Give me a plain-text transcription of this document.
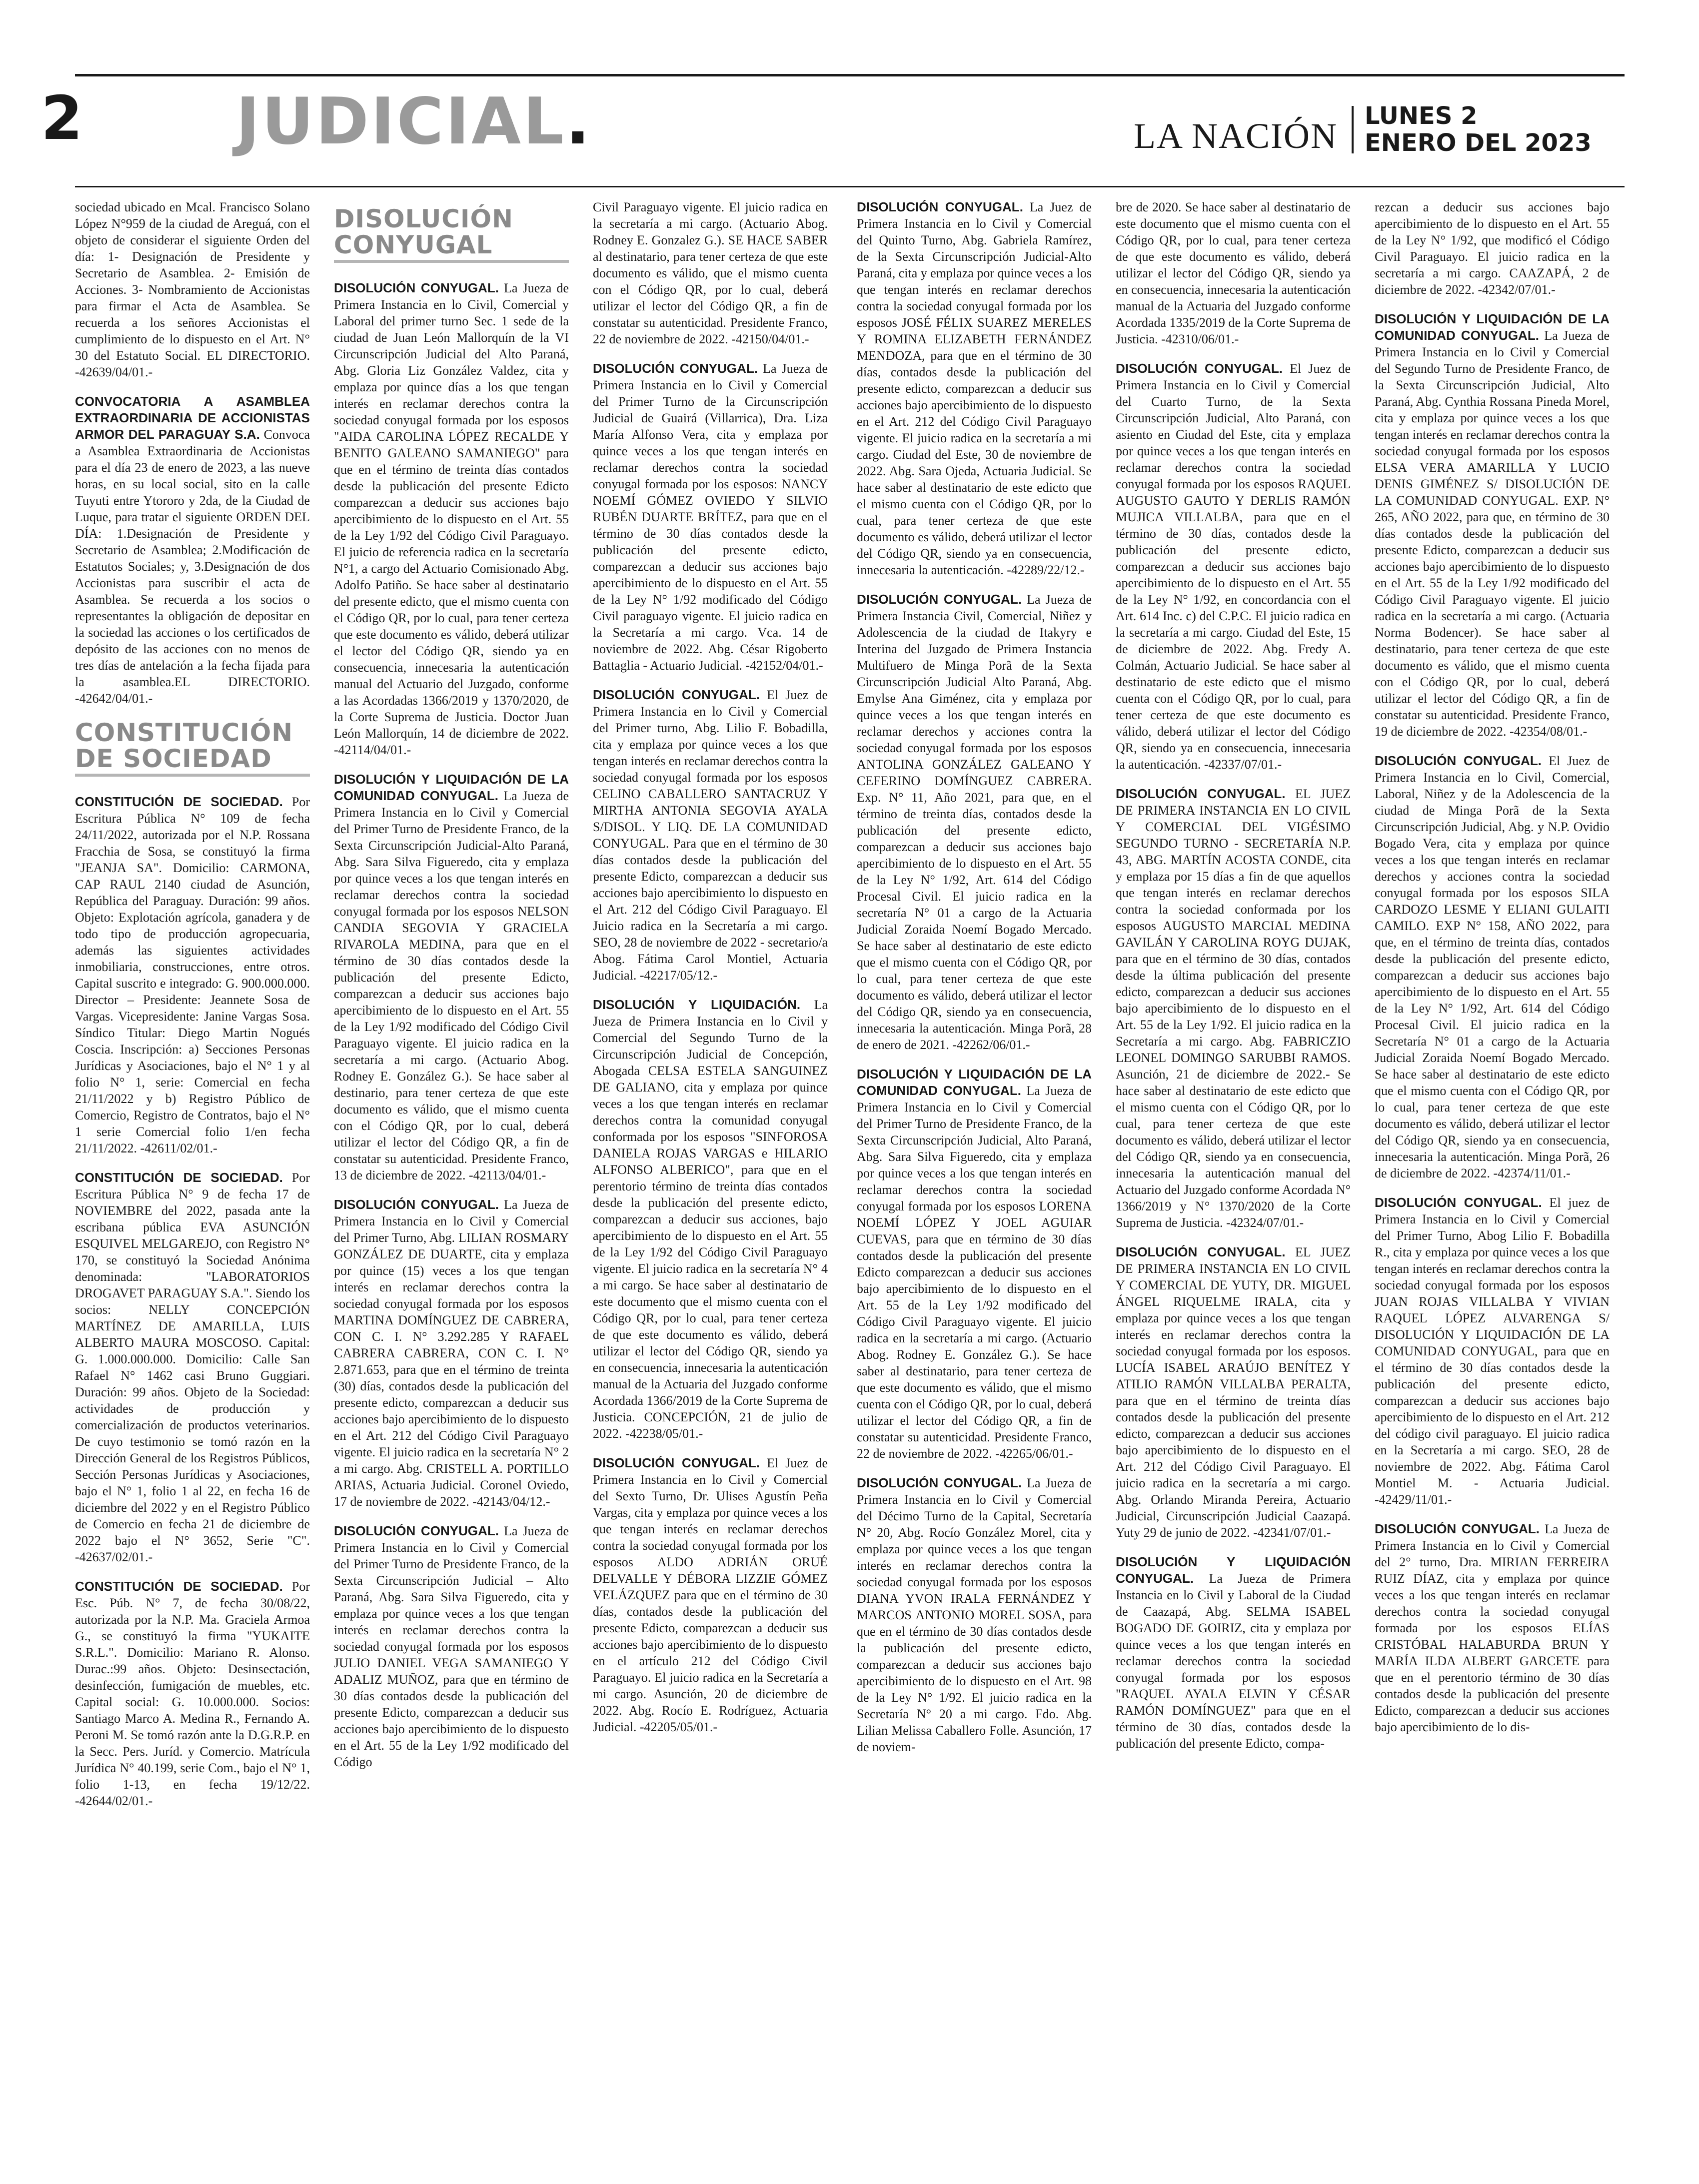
2 JUDICIAL.	LA NACIÓN LUNES 2
ENERO DEL 2023
sociedad ubicado en Mcal. Francisco Solano López N°959 de la ciudad de Areguá, con el objeto de considerar el siguiente Orden del día: 1- Designación de Presidente y Secretario de Asamblea. 2- Emisión de Acciones. 3- Nombramiento de Accionistas para firmar el Acta de Asamblea. Se recuerda a los señores Accionistas el cumplimiento de lo dispuesto en el Art. N° 30 del Estatuto Social. EL DIRECTORIO. -42639/04/01.-
CONVOCATORIA A ASAMBLEA EXTRAORDINARIA DE ACCIONISTAS ARMOR DEL PARAGUAY S.A. Convoca a Asamblea Extraordinaria de Accionistas para el día 23 de enero de 2023, a las nueve horas, en su local social, sito en la calle Tuyuti entre Ytororo y 2da, de la Ciudad de Luque, para tratar el siguiente ORDEN DEL DÍA: 1.Designación de Presidente y Secretario de Asamblea; 2.Modificación de Estatutos Sociales; y, 3.Designación de dos Accionistas para suscribir el acta de Asamblea. Se recuerda a los socios o representantes la obligación de depositar en la sociedad las acciones o los certificados de depósito de las acciones con no menos de tres días de antelación a la fecha fijada para la asamblea.EL DIRECTORIO. -42642/04/01.-
CONSTITUCIÓN DE SOCIEDAD
CONSTITUCIÓN DE SOCIEDAD. Por Escritura Pública N° 109 de fecha 24/11/2022, autorizada por el N.P. Rossana Fracchia de Sosa, se constituyó la firma "JEANJA SA". Domicilio: CARMONA, CAP RAUL 2140 ciudad de Asunción, República del Paraguay. Duración: 99 años. Objeto: Explotación agrícola, ganadera y de todo tipo de producción agropecuaria, además las siguientes actividades inmobiliaria, construcciones, entre otros. Capital suscrito e integrado: G. 900.000.000. Director – Presidente: Jeannete Sosa de Vargas. Vicepresidente: Janine Vargas Sosa. Síndico Titular: Diego Martin Nogués Coscia. Inscripción: a) Secciones Personas Jurídicas y Asociaciones, bajo el N° 1 y al folio N° 1, serie: Comercial en fecha 21/11/2022 y b) Registro Público de Comercio, Registro de Contratos, bajo el N° 1 serie Comercial folio 1/en fecha 21/11/2022. -42611/02/01.-
CONSTITUCIÓN DE SOCIEDAD. Por Escritura Pública N° 9 de fecha 17 de NOVIEMBRE del 2022, pasada ante la escribana pública EVA ASUNCIÓN ESQUIVEL MELGAREJO, con Registro N° 170, se constituyó la Sociedad Anónima denominada: "LABORATORIOS DROGAVET PARAGUAY S.A.". Siendo los socios: NELLY CONCEPCIÓN MARTÍNEZ DE AMARILLA, LUIS ALBERTO MAURA MOSCOSO. Capital: G. 1.000.000.000. Domicilio: Calle San Rafael N° 1462 casi Bruno Guggiari. Duración: 99 años. Objeto de la Sociedad: actividades de producción y comercialización de productos veterinarios. De cuyo testimonio se tomó razón en la Dirección General de los Registros Públicos, Sección Personas Jurídicas y Asociaciones, bajo el N° 1, folio 1 al 22, en fecha 16 de diciembre del 2022 y en el Registro Público de Comercio en fecha 21 de diciembre de 2022 bajo el N° 3652, Serie "C". -42637/02/01.-
CONSTITUCIÓN DE SOCIEDAD. Por Esc. Púb. N° 7, de fecha 30/08/22, autorizada por la N.P. Ma. Graciela Armoa G., se constituyó la firma "YUKAITE S.R.L.". Domicilio: Mariano R. Alonso. Durac.:99 años. Objeto: Desinsectación, desinfección, fumigación de muebles, etc. Capital social: G. 10.000.000. Socios: Santiago Marco A. Medina R., Fernando A. Peroni M. Se tomó razón ante la D.G.R.P. en la Secc. Pers. Juríd. y Comercio. Matrícula Jurídica N° 40.199, serie Com., bajo el N° 1, folio 1-13, en fecha 19/12/22. -42644/02/01.-
DISOLUCIÓN CONYUGAL
DISOLUCIÓN CONYUGAL. La Jueza de Primera Instancia en lo Civil, Comercial y Laboral del primer turno Sec. 1 sede de la ciudad de Juan León Mallorquín de la VI Circunscripción Judicial del Alto Paraná, Abg. Gloria Liz González Valdez, cita y emplaza por quince días a los que tengan interés en reclamar derechos contra la sociedad conyugal formada por los esposos "AIDA CAROLINA LÓPEZ RECALDE Y BENITO GALEANO SAMANIEGO" para que en el término de treinta días contados desde la publicación del presente Edicto comparezcan a deducir sus acciones bajo apercibimiento de lo dispuesto en el Art. 55 de la Ley 1/92 del Código Civil Paraguayo. El juicio de referencia radica en la secretaría N°1, a cargo del Actuario Comisionado Abg. Adolfo Patiño. Se hace saber al destinatario del presente edicto, que el mismo cuenta con el Código QR, por lo cual, para tener certeza que este documento es válido, deberá utilizar el lector del Código QR, siendo ya en consecuencia, innecesaria la autenticación manual del Actuario del Juzgado, conforme a las Acordadas 1366/2019 y 1370/2020, de la Corte Suprema de Justicia. Doctor Juan León Mallorquín, 14 de diciembre de 2022. -42114/04/01.-
DISOLUCIÓN Y LIQUIDACIÓN DE LA COMUNIDAD CONYUGAL. La Jueza de Primera Instancia en lo Civil y Comercial del Primer Turno de Presidente Franco, de la Sexta Circunscripción Judicial-Alto Paraná, Abg. Sara Silva Figueredo, cita y emplaza por quince veces a los que tengan interés en reclamar derechos contra la sociedad conyugal formada por los esposos NELSON CANDIA SEGOVIA Y GRACIELA RIVAROLA MEDINA, para que en el término de 30 días contados desde la publicación del presente Edicto, comparezcan a deducir sus acciones bajo apercibimiento de lo dispuesto en el Art. 55 de la Ley 1/92 modificado del Código Civil Paraguayo vigente. El juicio radica en la secretaría a mi cargo. (Actuario Abog. Rodney E. González G.). Se hace saber al destinario, para tener certeza de que este documento es válido, que el mismo cuenta con el Código QR, por lo cual, deberá utilizar el lector del Código QR, a fin de constatar su autenticidad. Presidente Franco, 13 de diciembre de 2022. -42113/04/01.-
DISOLUCIÓN CONYUGAL. La Jueza de Primera Instancia en lo Civil y Comercial del Primer Turno, Abg. LILIAN ROSMARY GONZÁLEZ DE DUARTE, cita y emplaza por quince (15) veces a los que tengan interés en reclamar derechos contra la sociedad conyugal formada por los esposos MARTINA DOMÍNGUEZ DE CABRERA, CON C. I. N° 3.292.285 Y RAFAEL CABRERA CABRERA, CON C. I. N° 2.871.653, para que en el término de treinta (30) días, contados desde la publicación del presente edicto, comparezcan a deducir sus acciones bajo apercibimiento de lo dispuesto en el Art. 212 del Código Civil Paraguayo vigente. El juicio radica en la secretaría N° 2 a mi cargo. Abg. CRISTELL A. PORTILLO ARIAS, Actuaria Judicial. Coronel Oviedo, 17 de noviembre de 2022. -42143/04/12.-
DISOLUCIÓN CONYUGAL. La Jueza de Primera Instancia en lo Civil y Comercial del Primer Turno de Presidente Franco, de la Sexta Circunscripción Judicial – Alto Paraná, Abg. Sara Silva Figueredo, cita y emplaza por quince veces a los que tengan interés en reclamar derechos contra la sociedad conyugal formada por los esposos JULIO DANIEL VEGA SAMANIEGO Y ADALIZ MUÑOZ, para que en término de 30 días contados desde la publicación del presente Edicto, comparezcan a deducir sus acciones bajo apercibimiento de lo dispuesto en el Art. 55 de la Ley 1/92 modificado del Código
Civil Paraguayo vigente. El juicio radica en la secretaría a mi cargo. (Actuario Abog. Rodney E. Gonzalez G.). SE HACE SABER al destinatario, para tener certeza de que este documento es válido, que el mismo cuenta con el Código QR, por lo cual, deberá utilizar el lector del Código QR, a fin de constatar su autenticidad. Presidente Franco, 22 de noviembre de 2022. -42150/04/01.-
DISOLUCIÓN CONYUGAL. La Jueza de Primera Instancia en lo Civil y Comercial del Primer Turno de la Circunscripción Judicial de Guairá (Villarrica), Dra. Liza María Alfonso Vera, cita y emplaza por quince veces a los que tengan interés en reclamar derechos contra la sociedad conyugal formada por los esposos: NANCY NOEMÍ GÓMEZ OVIEDO Y SILVIO RUBÉN DUARTE BRÍTEZ, para que en el término de 30 días contados desde la publicación del presente edicto, comparezcan a deducir sus acciones bajo apercibimiento de lo dispuesto en el Art. 55 de la Ley N° 1/92 modificado del Código Civil paraguayo vigente. El juicio radica en la Secretaría a mi cargo. Vca. 14 de noviembre de 2022. Abg. César Rigoberto Battaglia - Actuario Judicial. -42152/04/01.-
DISOLUCIÓN CONYUGAL. El Juez de Primera Instancia en lo Civil y Comercial del Primer turno, Abg. Lilio F. Bobadilla, cita y emplaza por quince veces a los que tengan interés en reclamar derechos contra la sociedad conyugal formada por los esposos CELINO CABALLERO SANTACRUZ Y MIRTHA ANTONIA SEGOVIA AYALA S/DISOL. Y LIQ. DE LA COMUNIDAD CONYUGAL. Para que en el término de 30 días contados desde la publicación del presente Edicto, comparezcan a deducir sus acciones bajo apercibimiento lo dispuesto en el Art. 212 del Código Civil Paraguayo. El Juicio radica en la Secretaría a mi cargo. SEO, 28 de noviembre de 2022 - secretario/a Abog. Fátima Carol Montiel, Actuaria Judicial. -42217/05/12.-
DISOLUCIÓN Y LIQUIDACIÓN. La Jueza de Primera Instancia en lo Civil y Comercial del Segundo Turno de la Circunscripción Judicial de Concepción, Abogada CELSA ESTELA SANGUINEZ DE GALIANO, cita y emplaza por quince veces a los que tengan interés en reclamar derechos contra la comunidad conyugal conformada por los esposos "SINFOROSA DANIELA ROJAS VARGAS e HILARIO ALFONSO ALBERICO", para que en el perentorio término de treinta días contados desde la publicación del presente edicto, comparezcan a deducir sus acciones, bajo apercibimiento de lo dispuesto en el Art. 55 de la Ley 1/92 del Código Civil Paraguayo vigente. El juicio radica en la secretaría N° 4 a mi cargo. Se hace saber al destinatario de este documento que el mismo cuenta con el Código QR, por lo cual, para tener certeza de que este documento es válido, deberá utilizar el lector del Código QR, siendo ya en consecuencia, innecesaria la autenticación manual de la Actuaria del Juzgado conforme Acordada 1366/2019 de la Corte Suprema de Justicia. CONCEPCIÓN, 21 de julio de 2022. -42238/05/01.-
DISOLUCIÓN CONYUGAL. El Juez de Primera Instancia en lo Civil y Comercial del Sexto Turno, Dr. Ulises Agustín Peña Vargas, cita y emplaza por quince veces a los que tengan interés en reclamar derechos contra la sociedad conyugal formada por los esposos ALDO ADRIÁN ORUÉ DELVALLE Y DÉBORA LIZZIE GÓMEZ VELÁZQUEZ para que en el término de 30 días, contados desde la publicación del presente Edicto, comparezcan a deducir sus acciones bajo apercibimiento de lo dispuesto en el artículo 212 del Código Civil Paraguayo. El juicio radica en la Secretaría a mi cargo. Asunción, 20 de diciembre de 2022. Abg. Rocío E. Rodríguez, Actuaria Judicial. -42205/05/01.-
DISOLUCIÓN CONYUGAL. La Juez de Primera Instancia en lo Civil y Comercial del Quinto Turno, Abg. Gabriela Ramírez, de la Sexta Circunscripción Judicial-Alto Paraná, cita y emplaza por quince veces a los que tengan interés en reclamar derechos contra la sociedad conyugal formada por los esposos JOSÉ FÉLIX SUAREZ MERELES Y ROMINA ELIZABETH FERNÁNDEZ MENDOZA, para que en el término de 30 días, contados desde la publicación del presente edicto, comparezcan a deducir sus acciones bajo apercibimiento de lo dispuesto en el Art. 212 del Código Civil Paraguayo vigente. El juicio radica en la secretaría a mi cargo. Ciudad del Este, 30 de noviembre de 2022. Abg. Sara Ojeda, Actuaria Judicial. Se hace saber al destinatario de este edicto que el mismo cuenta con el Código QR, por lo cual, para tener certeza de que este documento es válido, deberá utilizar el lector del Código QR, siendo ya en consecuencia, innecesaria la autenticación. -42289/22/12.-
DISOLUCIÓN CONYUGAL. La Jueza de Primera Instancia Civil, Comercial, Niñez y Adolescencia de la ciudad de Itakyry e Interina del Juzgado de Primera Instancia Multifuero de Minga Porã de la Sexta Circunscripción Judicial Alto Paraná, Abg. Emylse Ana Giménez, cita y emplaza por quince veces a los que tengan interés en reclamar derechos y acciones contra la sociedad conyugal formada por los esposos ANTOLINA GONZÁLEZ GALEANO Y CEFERINO DOMÍNGUEZ CABRERA. Exp. N° 11, Año 2021, para que, en el término de treinta días, contados desde la publicación del presente edicto, comparezcan a deducir sus acciones bajo apercibimiento de lo dispuesto en el Art. 55 de la Ley N° 1/92, Art. 614 del Código Procesal Civil. El juicio radica en la secretaría N° 01 a cargo de la Actuaria Judicial Zoraida Noemí Bogado Mercado. Se hace saber al destinatario de este edicto que el mismo cuenta con el Código QR, por lo cual, para tener certeza de que este documento es válido, deberá utilizar el lector del Código QR, siendo ya en consecuencia, innecesaria la autenticación. Minga Porã, 28 de enero de 2021. -42262/06/01.-
DISOLUCIÓN Y LIQUIDACIÓN DE LA COMUNIDAD CONYUGAL. La Jueza de Primera Instancia en lo Civil y Comercial del Primer Turno de Presidente Franco, de la Sexta Circunscripción Judicial, Alto Paraná, Abg. Sara Silva Figueredo, cita y emplaza por quince veces a los que tengan interés en reclamar derechos contra la sociedad conyugal formada por los esposos LORENA NOEMÍ LÓPEZ Y JOEL AGUIAR CUEVAS, para que en término de 30 días contados desde la publicación del presente Edicto comparezcan a deducir sus acciones bajo apercibimiento de lo dispuesto en el Art. 55 de la Ley 1/92 modificado del Código Civil Paraguayo vigente. El juicio radica en la secretaría a mi cargo. (Actuario Abog. Rodney E. González G.). Se hace saber al destinatario, para tener certeza de que este documento es válido, que el mismo cuenta con el Código QR, por lo cual, deberá utilizar el lector del Código QR, a fin de constatar su autenticidad. Presidente Franco, 22 de noviembre de 2022. -42265/06/01.-
DISOLUCIÓN CONYUGAL. La Jueza de Primera Instancia en lo Civil y Comercial del Décimo Turno de la Capital, Secretaría N° 20, Abg. Rocío González Morel, cita y emplaza por quince veces a los que tengan interés en reclamar derechos contra la sociedad conyugal formada por los esposos DIANA YVON IRALA FERNÁNDEZ Y MARCOS ANTONIO MOREL SOSA, para que en el término de 30 días contados desde la publicación del presente edicto, comparezcan a deducir sus acciones bajo apercibimiento de lo dispuesto en el Art. 98 de la Ley N° 1/92. El juicio radica en la Secretaría N° 20 a mi cargo. Fdo. Abg. Lilian Melissa Caballero Folle. Asunción, 17 de noviem-
bre de 2020. Se hace saber al destinatario de este documento que el mismo cuenta con el Código QR, por lo cual, para tener certeza de que este documento es válido, deberá utilizar el lector del Código QR, siendo ya en consecuencia, innecesaria la autenticación manual de la Actuaria del Juzgado conforme Acordada 1335/2019 de la Corte Suprema de Justicia. -42310/06/01.-
DISOLUCIÓN CONYUGAL. El Juez de Primera Instancia en lo Civil y Comercial del Cuarto Turno, de la Sexta Circunscripción Judicial, Alto Paraná, con asiento en Ciudad del Este, cita y emplaza por quince veces a los que tengan interés en reclamar derechos contra la sociedad conyugal formada por los esposos RAQUEL AUGUSTO GAUTO Y DERLIS RAMÓN MUJICA VILLALBA, para que en el término de 30 días, contados desde la publicación del presente edicto, comparezcan a deducir sus acciones bajo apercibimiento de lo dispuesto en el Art. 55 de la Ley N° 1/92, en concordancia con el Art. 614 Inc. c) del C.P.C. El juicio radica en la secretaría a mi cargo. Ciudad del Este, 15 de diciembre de 2022. Abg. Fredy A. Colmán, Actuario Judicial. Se hace saber al destinatario de este edicto que el mismo cuenta con el Código QR, por lo cual, para tener certeza de que este documento es válido, deberá utilizar el lector del Código QR, siendo ya en consecuencia, innecesaria la autenticación. -42337/07/01.-
DISOLUCIÓN CONYUGAL. EL JUEZ DE PRIMERA INSTANCIA EN LO CIVIL Y COMERCIAL DEL VIGÉSIMO SEGUNDO TURNO - SECRETARÍA N.P. 43, ABG. MARTÍN ACOSTA CONDE, cita y emplaza por 15 días a fin de que aquellos que tengan interés en reclamar derechos contra la sociedad conformada por los esposos AUGUSTO MARCIAL MEDINA GAVILÁN Y CAROLINA ROYG DUJAK, para que en el término de 30 días, contados desde la última publicación del presente edicto, comparezcan a deducir sus acciones bajo apercibimiento de lo dispuesto en el Art. 55 de la Ley 1/92. El juicio radica en la Secretaría a mi cargo. Abg. FABRICZIO LEONEL DOMINGO SARUBBI RAMOS. Asunción, 21 de diciembre de 2022.- Se hace saber al destinatario de este edicto que el mismo cuenta con el Código QR, por lo cual, para tener certeza de que este documento es válido, deberá utilizar el lector del Código QR, siendo ya en consecuencia, innecesaria la autenticación manual del Actuario del Juzgado conforme Acordada N° 1366/2019 y N° 1370/2020 de la Corte Suprema de Justicia. -42324/07/01.-
DISOLUCIÓN CONYUGAL. EL JUEZ DE PRIMERA INSTANCIA EN LO CIVIL Y COMERCIAL DE YUTY, DR. MIGUEL ÁNGEL RIQUELME IRALA, cita y emplaza por quince veces a los que tengan interés en reclamar derechos contra la sociedad conyugal formada por los esposos. LUCÍA ISABEL ARAÚJO BENÍTEZ Y ATILIO RAMÓN VILLALBA PERALTA, para que en el término de treinta días contados desde la publicación del presente edicto, comparezcan a deducir sus acciones bajo apercibimiento de lo dispuesto en el Art. 212 del Código Civil Paraguayo. El juicio radica en la secretaría a mi cargo. Abg. Orlando Miranda Pereira, Actuario Judicial, Circunscripción Judicial Caazapá. Yuty 29 de junio de 2022. -42341/07/01.-
DISOLUCIÓN Y LIQUIDACIÓN CONYUGAL. La Jueza de Primera Instancia en lo Civil y Laboral de la Ciudad de Caazapá, Abg. SELMA ISABEL BOGADO DE GOIRIZ, cita y emplaza por quince veces a los que tengan interés en reclamar derechos contra la sociedad conyugal formada por los esposos "RAQUEL AYALA ELVIN Y CÉSAR RAMÓN DOMÍNGUEZ" para que en el término de 30 días, contados desde la publicación del presente Edicto, compa-
rezcan a deducir sus acciones bajo apercibimiento de lo dispuesto en el Art. 55 de la Ley N° 1/92, que modificó el Código Civil Paraguayo. El juicio radica en la secretaría a mi cargo. CAAZAPÁ, 2 de diciembre de 2022. -42342/07/01.-
DISOLUCIÓN Y LIQUIDACIÓN DE LA COMUNIDAD CONYUGAL. La Jueza de Primera Instancia en lo Civil y Comercial del Segundo Turno de Presidente Franco, de la Sexta Circunscripción Judicial, Alto Paraná, Abg. Cynthia Rossana Pineda Morel, cita y emplaza por quince veces a los que tengan interés en reclamar derechos contra la sociedad conyugal formada por los esposos ELSA VERA AMARILLA Y LUCIO DENIS GIMÉNEZ S/ DISOLUCIÓN DE LA COMUNIDAD CONYUGAL. EXP. N° 265, AÑO 2022, para que, en término de 30 días contados desde la publicación del presente Edicto, comparezcan a deducir sus acciones bajo apercibimiento de lo dispuesto en el Art. 55 de la Ley 1/92 modificado del Código Civil Paraguayo vigente. El juicio radica en la secretaría a mi cargo. (Actuaria Norma Bodencer). Se hace saber al destinatario, para tener certeza de que este documento es válido, que el mismo cuenta con el Código QR, por lo cual, deberá utilizar el lector del Código QR, a fin de constatar su autenticidad. Presidente Franco, 19 de diciembre de 2022. -42354/08/01.-
DISOLUCIÓN CONYUGAL. El Juez de Primera Instancia en lo Civil, Comercial, Laboral, Niñez y de la Adolescencia de la ciudad de Minga Porã de la Sexta Circunscripción Judicial, Abg. y N.P. Ovidio Bogado Vera, cita y emplaza por quince veces a los que tengan interés en reclamar derechos y acciones contra la sociedad conyugal formada por los esposos SILA CARDOZO LESME Y ELIANI GULAITI CAMILO. EXP N° 158, AÑO 2022, para que, en el término de treinta días, contados desde la publicación del presente edicto, comparezcan a deducir sus acciones bajo apercibimiento de lo dispuesto en el Art. 55 de la Ley N° 1/92, Art. 614 del Código Procesal Civil. El juicio radica en la Secretaría N° 01 a cargo de la Actuaria Judicial Zoraida Noemí Bogado Mercado. Se hace saber al destinatario de este edicto que el mismo cuenta con el Código QR, por lo cual, para tener certeza de que este documento es válido, deberá utilizar el lector del Código QR, siendo ya en consecuencia, innecesaria la autenticación. Minga Porã, 26 de diciembre de 2022. -42374/11/01.-
DISOLUCIÓN CONYUGAL. El juez de Primera Instancia en lo Civil y Comercial del Primer Turno, Abog Lilio F. Bobadilla R., cita y emplaza por quince veces a los que tengan interés en reclamar derechos contra la sociedad conyugal formada por los esposos JUAN ROJAS VILLALBA Y VIVIAN RAQUEL LÓPEZ ALVARENGA S/ DISOLUCIÓN Y LIQUIDACIÓN DE LA COMUNIDAD CONYUGAL, para que en el término de 30 días contados desde la publicación del presente edicto, comparezcan a deducir sus acciones bajo apercibimiento de lo dispuesto en el Art. 212 del código civil paraguayo. El juicio radica en la Secretaría a mi cargo. SEO, 28 de noviembre de 2022. Abg. Fátima Carol Montiel M. - Actuaria Judicial. -42429/11/01.-
DISOLUCIÓN CONYUGAL. La Jueza de Primera Instancia en lo Civil y Comercial del 2° turno, Dra. MIRIAN FERREIRA RUIZ DÍAZ, cita y emplaza por quince veces a los que tengan interés en reclamar derechos contra la sociedad conyugal formada por los esposos ELÍAS CRISTÓBAL HALABURDA BRUN Y MARÍA ILDA ALBERT GARCETE para que en el perentorio término de 30 días contados desde la publicación del presente Edicto, comparezcan a deducir sus acciones bajo apercibimiento de lo dis-
